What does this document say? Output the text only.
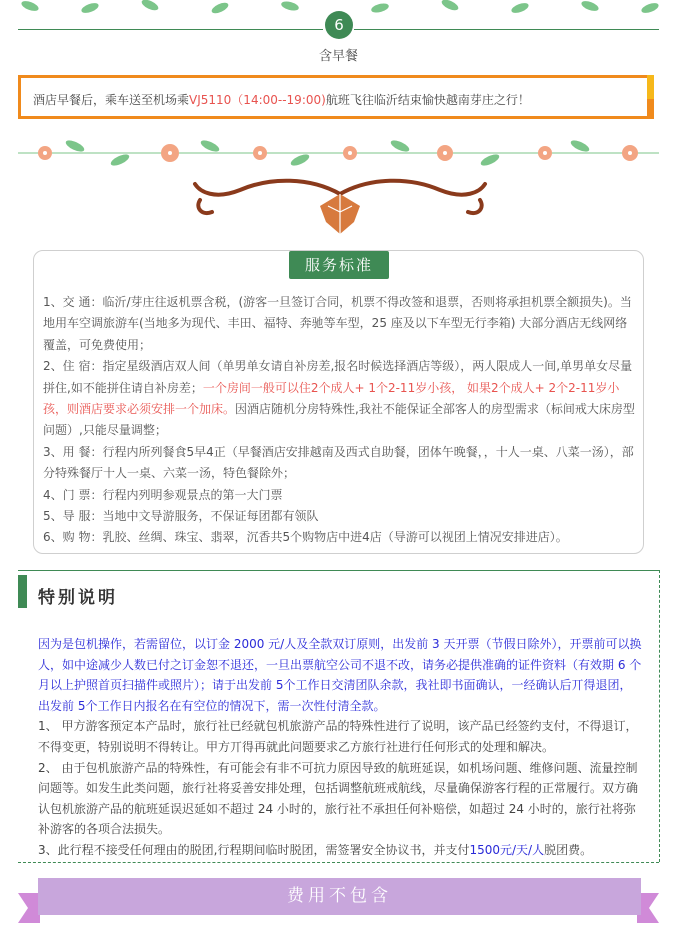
6
含早餐
酒店早餐后，乘车送至机场乘VJ5110（14:00--19:00)航班飞往临沂结束愉快越南芽庄之行！
服务标准

1、交 通：临沂/芽庄往返机票含税，(游客一旦签订合同，机票不得改签和退票，否则将承担机票全额损失)。当地用车空调旅游车(当地多为现代、丰田、福特、奔驰等车型，25 座及以下车型无行李箱) 大部分酒店无线网络覆盖，可免费使用；

2、住 宿：指定星级酒店双人间（单男单女请自补房差,报名时候选择酒店等级），两人限成人一间,单男单女尽量拼住,如不能拼住请自补房差；一个房间一般可以住2个成人+ 1个2-11岁小孩， 如果2个成人+ 2个2-11岁小孩，则酒店要求必须安排一个加床。因酒店随机分房特殊性,我社不能保证全部客人的房型需求（标间戒大床房型问题）,只能尽量调整；

3、用 餐：行程内所列餐食5早4正（早餐酒店安排越南及西式自助餐，团体午晚餐，，十人一桌、八菜一汤），部分特殊餐厅十人一桌、六菜一汤，特色餐除外；

4、门 票：行程内列明参观景点的第一大门票

5、导 服：当地中文导游服务，不保证每团都有领队

6、购 物：乳胶、丝绸、珠宝、翡翠，沉香共5个购物店中进4店（导游可以视团上情况安排进店）。

特别说明

因为是包机操作，若需留位，以订金 2000 元/人及全款双订原则，出发前 3 天开票（节假日除外），开票前可以换人，如中途减少人数已付之订金恕不退还，一旦出票航空公司不退不改，请务必提供准确的证件资料（有效期 6 个月以上护照首页扫描件或照片）；请于出发前 5个工作日交清团队余款，我社即书面确认，一经确认后丌得退团，出发前 5个工作日内报名在有空位的情况下，需一次性付清全款。

1、 甲方游客预定本产品时，旅行社已经就包机旅游产品的特殊性进行了说明，该产品已经签约支付，不得退订，不得变更，特别说明不得转让。甲方丌得再就此问题要求乙方旅行社进行任何形式的处理和解决。

2、 由于包机旅游产品的特殊性，有可能会有非不可抗力原因导致的航班延误，如机场问题、维修问题、流量控制问题等。如发生此类问题，旅行社将妥善安排处理，包括调整航班戒航线，尽量确保游客行程的正常履行。双方确认包机旅游产品的航班延误迟延如不超过 24 小时的，旅行社不承担任何补赔偿，如超过 24 小时的，旅行社将弥补游客的各项合法损失。

3、此行程不接受任何理由的脱团,行程期间临时脱团，需签署安全协议书，并支付1500元/天/人脱团费。

费用不包含
